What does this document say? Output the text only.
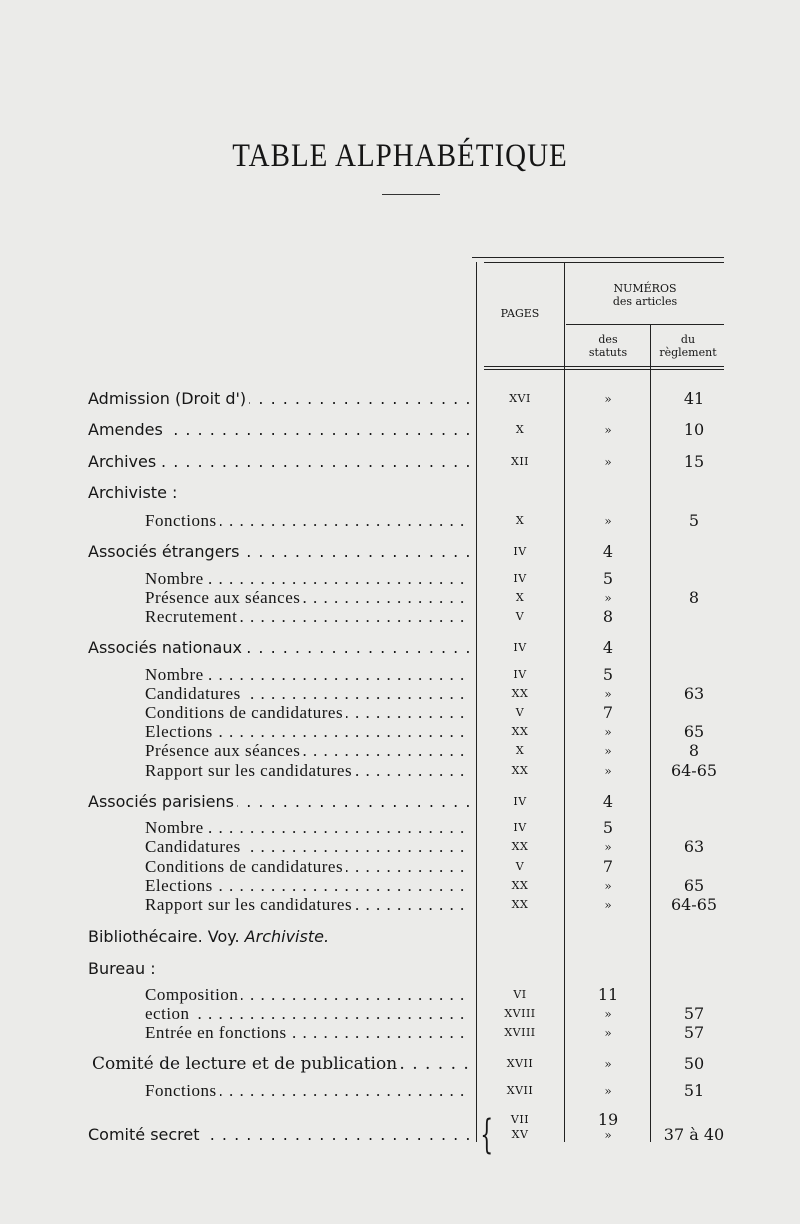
TABLE ALPHABÉTIQUE
PAGES
NUMÉROS
des articles
des
statuts
du
règlement
Admission (Droit d') . . .	XVI	»	41
Amendes . . .	X	»	10
Archives . . .	XII	»	15
Archiviste :
Fonctions . . .	X	»	5
Associés étrangers . . .	IV	4
Nombre . . .	IV	5
Présence aux séances . . .	X	»	8
Recrutement . . .	V	8
Associés nationaux . . .	IV	4
Nombre . . .	IV	5
Candidatures . . .	XX	»	63
Conditions de candidatures . . .	V	7
Elections . . .	XX	»	65
Présence aux séances . . .	X	»	8
Rapport sur les candidatures . . .	XX	»	64-65
Associés parisiens . . .	IV	4
Nombre . . .	IV	5
Candidatures . . .	XX	»	63
Conditions de candidatures . . .	V	7
Elections . . .	XX	»	65
Rapport sur les candidatures . . .	XX	»	64-65
Bibliothécaire. Voy. Archiviste.
Bureau :
Composition . . .	VI	11
ection . . .	XVIII	»	57
Entrée en fonctions . . .	XVIII	»	57
Comité de lecture et de publication . . .	XVII	»	50
Fonctions . . .	XVII	»	51
VII	19
Comité secret . . .	XV	»	37 à 40
{
